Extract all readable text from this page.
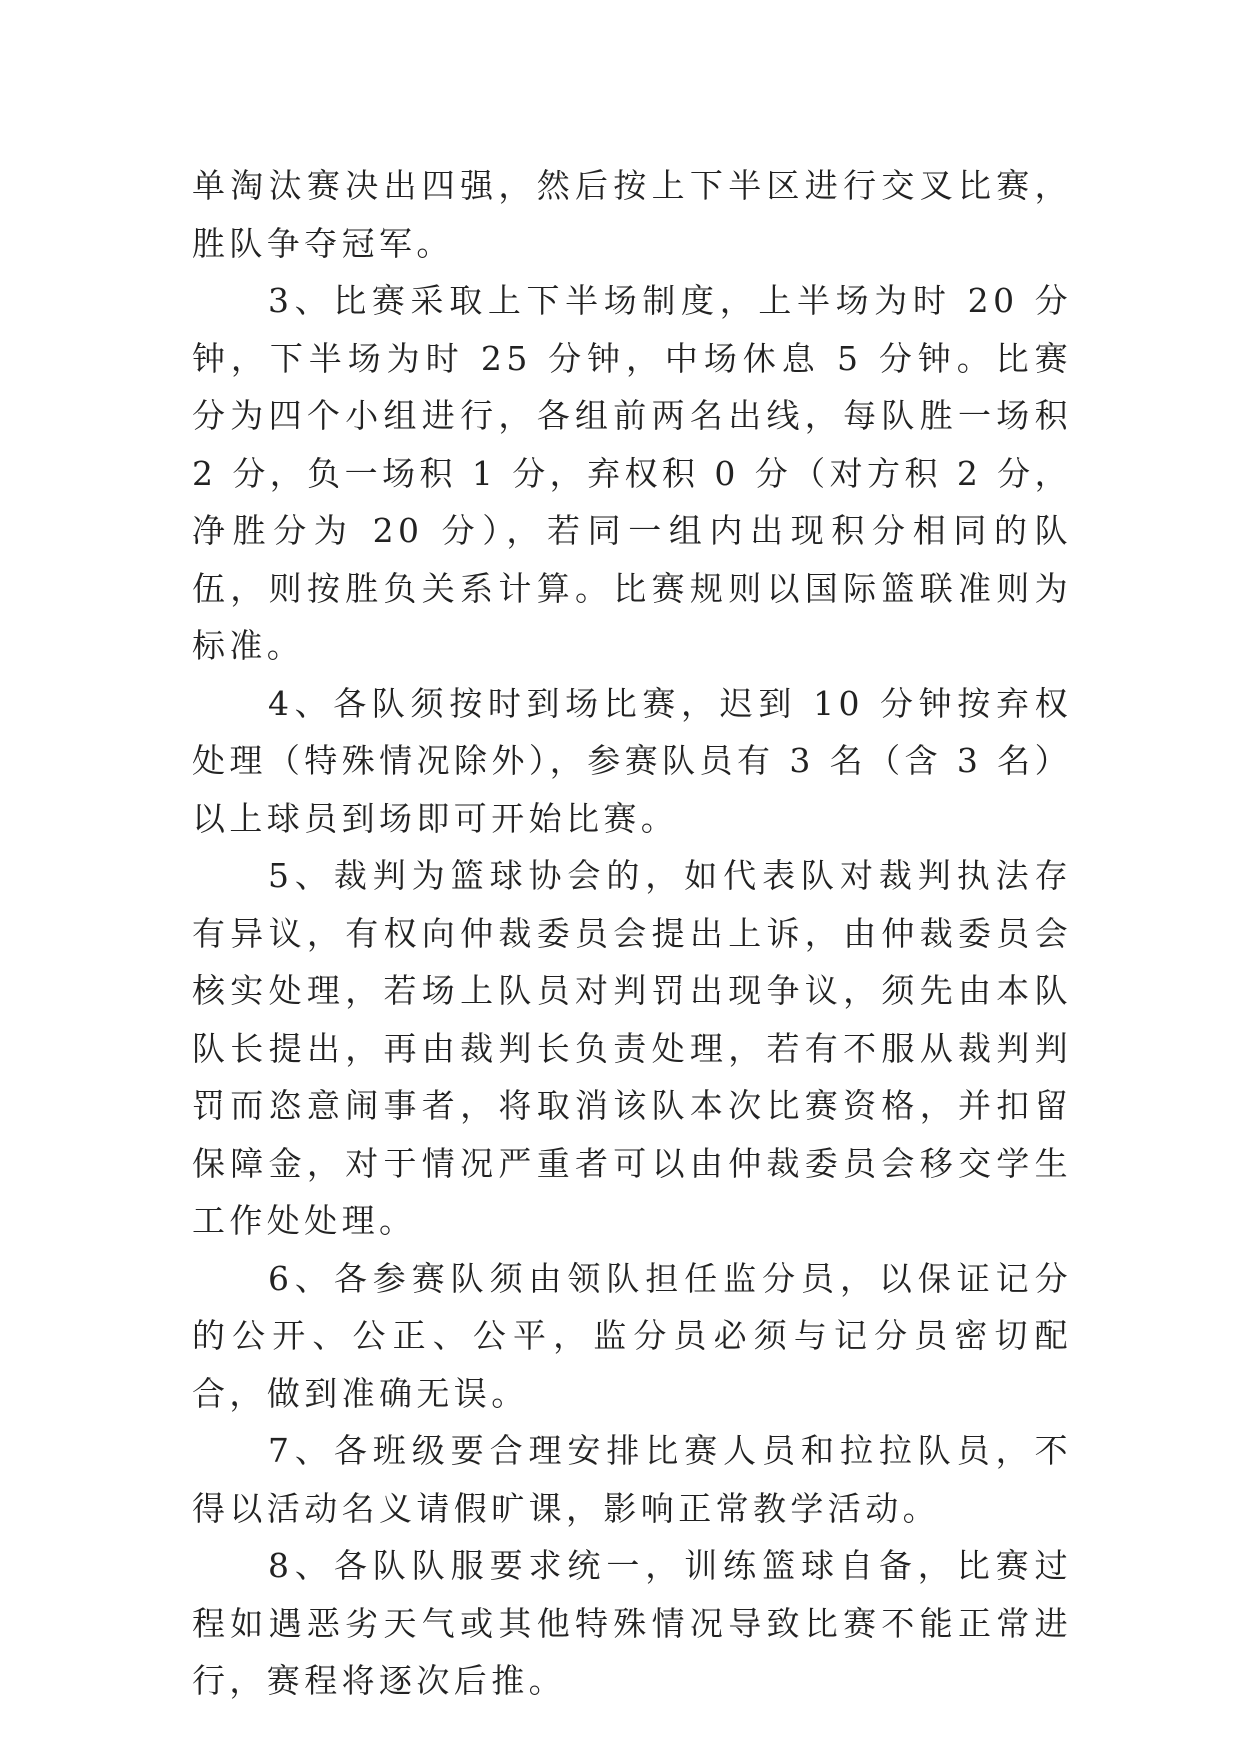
单淘汰赛决出四强，然后按上下半区进行交叉比赛，胜队争夺冠军。

3、比赛采取上下半场制度，上半场为时 20 分钟，下半场为时 25 分钟，中场休息 5 分钟。比赛分为四个小组进行，各组前两名出线，每队胜一场积 2 分，负一场积 1 分，弃权积 0 分（对方积 2 分，净胜分为 20 分），若同一组内出现积分相同的队伍，则按胜负关系计算。比赛规则以国际篮联准则为标准。

4、各队须按时到场比赛，迟到 10 分钟按弃权处理（特殊情况除外），参赛队员有 3 名（含 3 名）以上球员到场即可开始比赛。

5、裁判为篮球协会的，如代表队对裁判执法存有异议，有权向仲裁委员会提出上诉，由仲裁委员会核实处理，若场上队员对判罚出现争议，须先由本队队长提出，再由裁判长负责处理，若有不服从裁判判罚而恣意闹事者，将取消该队本次比赛资格，并扣留保障金，对于情况严重者可以由仲裁委员会移交学生工作处处理。

6、各参赛队须由领队担任监分员，以保证记分的公开、公正、公平，监分员必须与记分员密切配合，做到准确无误。

7、各班级要合理安排比赛人员和拉拉队员，不得以活动名义请假旷课，影响正常教学活动。

8、各队队服要求统一，训练篮球自备，比赛过程如遇恶劣天气或其他特殊情况导致比赛不能正常进行，赛程将逐次后推。
